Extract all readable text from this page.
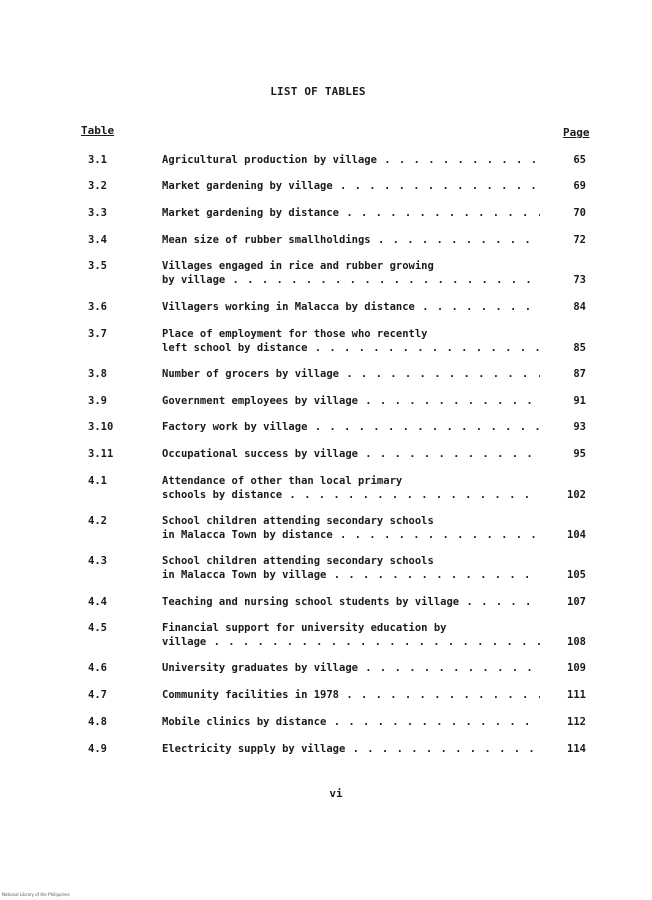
LIST OF TABLES
Table	Page
3.1	Agricultural production by village . . .	65
3.2	Market gardening by village . . .	69
3.3	Market gardening by distance . . .	70
3.4	Mean size of rubber smallholdings . . .	72
3.5	Villages engaged in rice and rubber growing
by village . . .	73
3.6	Villagers working in Malacca by distance . . .	84
3.7	Place of employment for those who recently
left school by distance . . .	85
3.8	Number of grocers by village . . .	87
3.9	Government employees by village . . .	91
3.10	Factory work by village . . .	93
3.11	Occupational success by village . . .	95
4.1	Attendance of other than local primary
schools by distance . . .	102
4.2	School children attending secondary schools
in Malacca Town by distance . . .	104
4.3	School children attending secondary schools
in Malacca Town by village . . .	105
4.4	Teaching and nursing school students by village . . .	107
4.5	Financial support for university education by
village . . .	108
4.6	University graduates by village . . .	109
4.7	Community facilities in 1978 . . .	111
4.8	Mobile clinics by distance . . .	112
4.9	Electricity supply by village . . .	114
vi
National Library of the Philippines
